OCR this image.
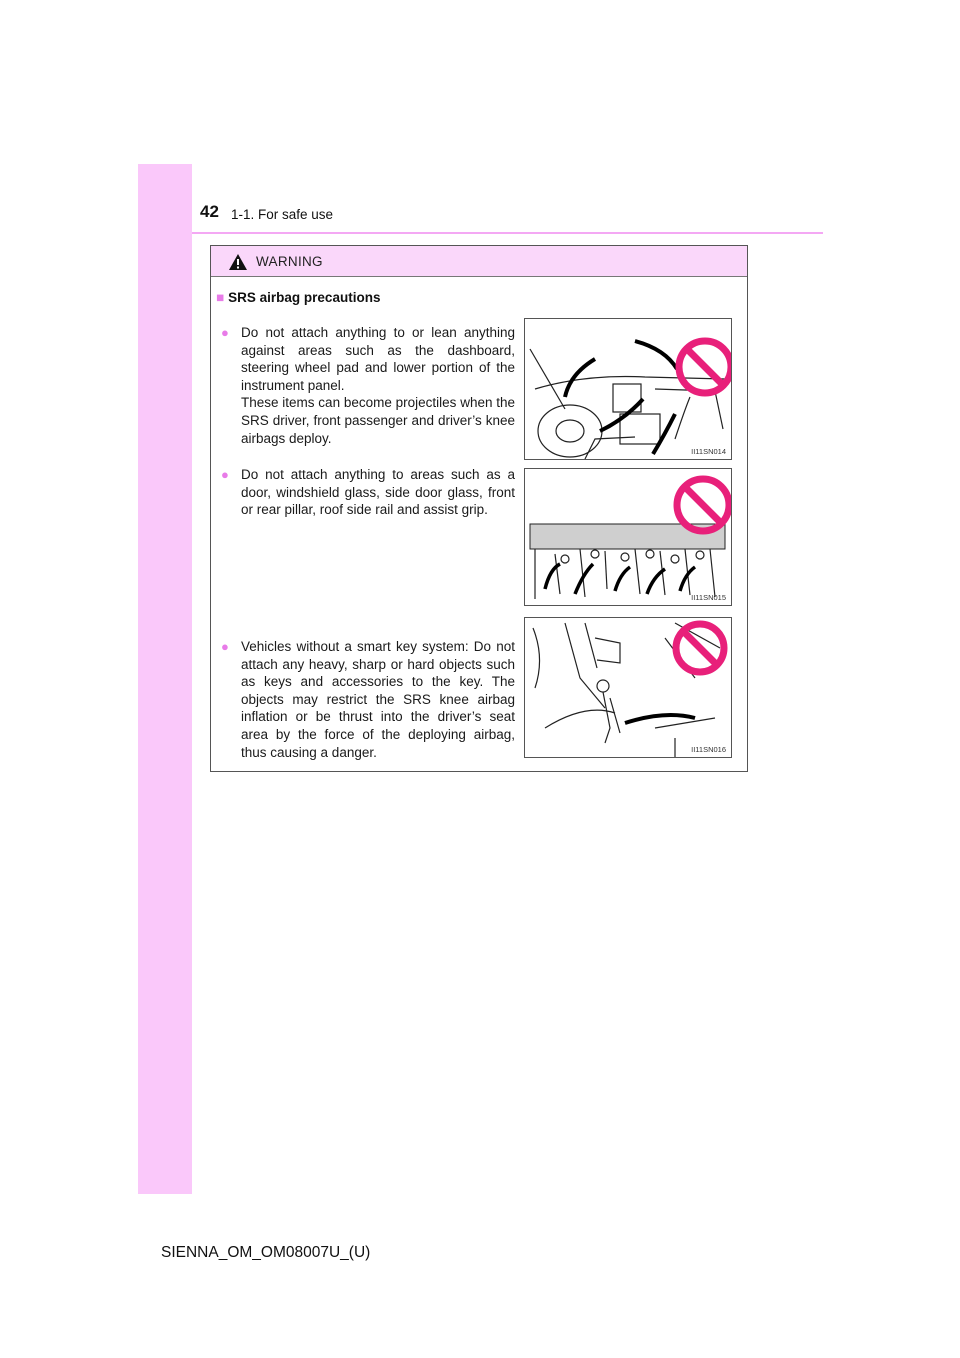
42 1-1. For safe use
WARNING
■ SRS airbag precautions
● Do not attach anything to or lean anything against areas such as the dashboard, steering wheel pad and lower portion of the instrument panel.
These items can become projectiles when the SRS driver, front passenger and driver’s knee airbags deploy.
II11SN014
● Do not attach anything to areas such as a door, windshield glass, side door glass, front or rear pillar, roof side rail and assist grip.
II11SN015
● Vehicles without a smart key system: Do not attach any heavy, sharp or hard objects such as keys and accessories to the key. The objects may restrict the SRS knee airbag inflation or be thrust into the driver’s seat area by the force of the deploying airbag, thus causing a danger.	II11SN016
SIENNA_OM_OM08007U_(U)
